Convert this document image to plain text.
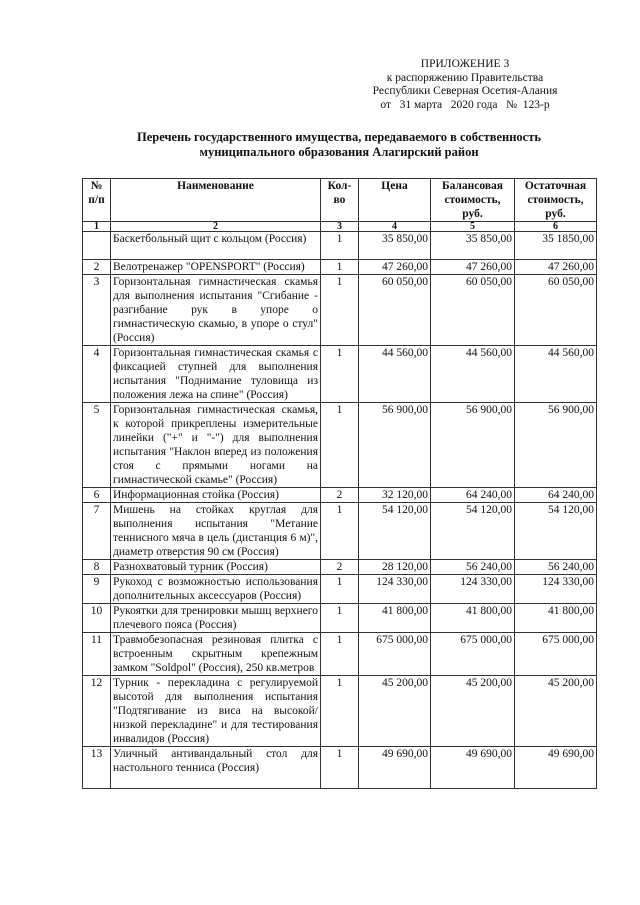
ПРИЛОЖЕНИЕ 3
к распоряжению Правительства
Республики Северная Осетия-Алания
от   31 марта   2020 года   №  123-р
Перечень государственного имущества, передаваемого в собственность
муниципального образования Алагирский район
№ п/п	Наименование	Кол-во	Цена	Балансовая стоимость, руб.	Остаточная стоимость, руб.
1	2	3	4	5	6
	Баскетбольный щит с кольцом (Россия)	1	35 850,00	35 850,00	35 1850,00
2	Велотренажер "OPENSPORT" (Россия)	1	47 260,00	47 260,00	47 260,00
3	Горизонтальная гимнастическая скамья для выполнения испытания "Сгибание - разгибание рук в упоре о гимнастическую скамью, в упоре о стул" (Россия)	1	60 050,00	60 050,00	60 050,00
4	Горизонтальная гимнастическая скамья с фиксацией ступней для выполнения испытания "Поднимание туловища из положения лежа на спине" (Россия)	1	44 560,00	44 560,00	44 560,00
5	Горизонтальная гимнастическая скамья, к которой прикреплены измерительные линейки ("+" и "-") для выполнения испытания "Наклон вперед из положения стоя с прямыми ногами на гимнастической скамье" (Россия)	1	56 900,00	56 900,00	56 900,00
6	Информационная стойка (Россия)	2	32 120,00	64 240,00	64 240,00
7	Мишень на стойках круглая для выполнения испытания "Метание теннисного мяча в цель (дистанция 6 м)", диаметр отверстия 90 см (Россия)	1	54 120,00	54 120,00	54 120,00
8	Разнохватовый турник (Россия)	2	28 120,00	56 240,00	56 240,00
9	Рукоход с возможностью использования дополнительных аксессуаров (Россия)	1	124 330,00	124 330,00	124 330,00
10	Рукоятки для тренировки мышц верхнего плечевого пояса (Россия)	1	41 800,00	41 800,00	41 800,00
11	Травмобезопасная резиновая плитка с встроенным скрытным крепежным замком "Soldpol" (Россия), 250 кв.метров	1	675 000,00	675 000,00	675 000,00
12	Турник - перекладина с регулируемой высотой для выполнения испытания "Подтягивание из виса на высокой/ низкой перекладине" и для тестирования инвалидов (Россия)	1	45 200,00	45 200,00	45 200,00
13	Уличный антивандальный стол для настольного тенниса (Россия)	1	49 690,00	49 690,00	49 690,00
